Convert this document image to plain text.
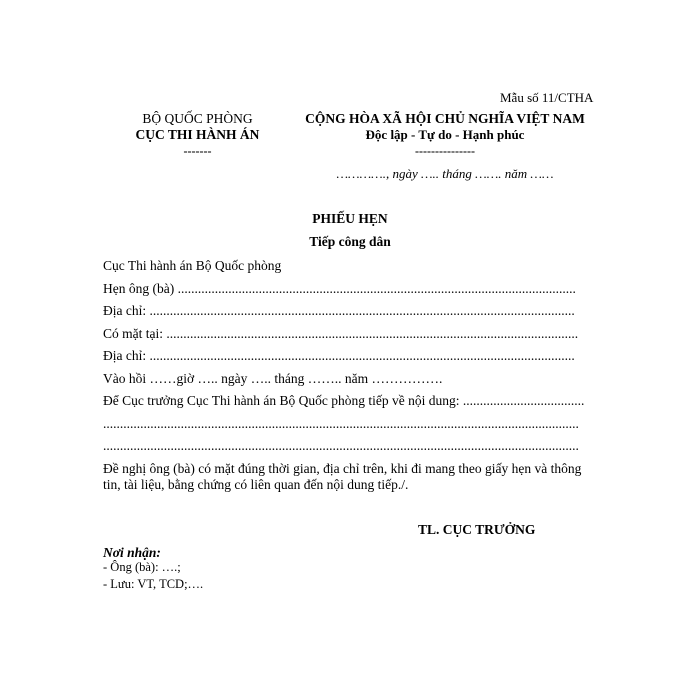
Mẫu số 11/CTHA
BỘ QUỐC PHÒNG
CỤC THI HÀNH ÁN
-------
CỘNG HÒA XÃ HỘI CHỦ NGHĨA VIỆT NAM
Độc lập - Tự do - Hạnh phúc
---------------
…………., ngày ….. tháng ……. năm ……
PHIẾU HẸN
Tiếp công dân
Cục Thi hành án Bộ Quốc phòng
Hẹn ông (bà) ......................................................................................................................
Địa chỉ: ..............................................................................................................................
Có mặt tại: ..........................................................................................................................
Địa chỉ: ..............................................................................................................................
Vào hồi ……giờ ….. ngày ….. tháng …….. năm …………….
Để Cục trưởng Cục Thi hành án Bộ Quốc phòng tiếp về nội dung: ....................................
.............................................................................................................................................
.............................................................................................................................................
Đề nghị ông (bà) có mặt đúng thời gian, địa chỉ trên, khi đi mang theo giấy hẹn và thông
tin, tài liệu, bằng chứng có liên quan đến nội dung tiếp./.
TL. CỤC TRƯỞNG
Nơi nhận:
- Ông (bà): ….;
- Lưu: VT, TCD;….
